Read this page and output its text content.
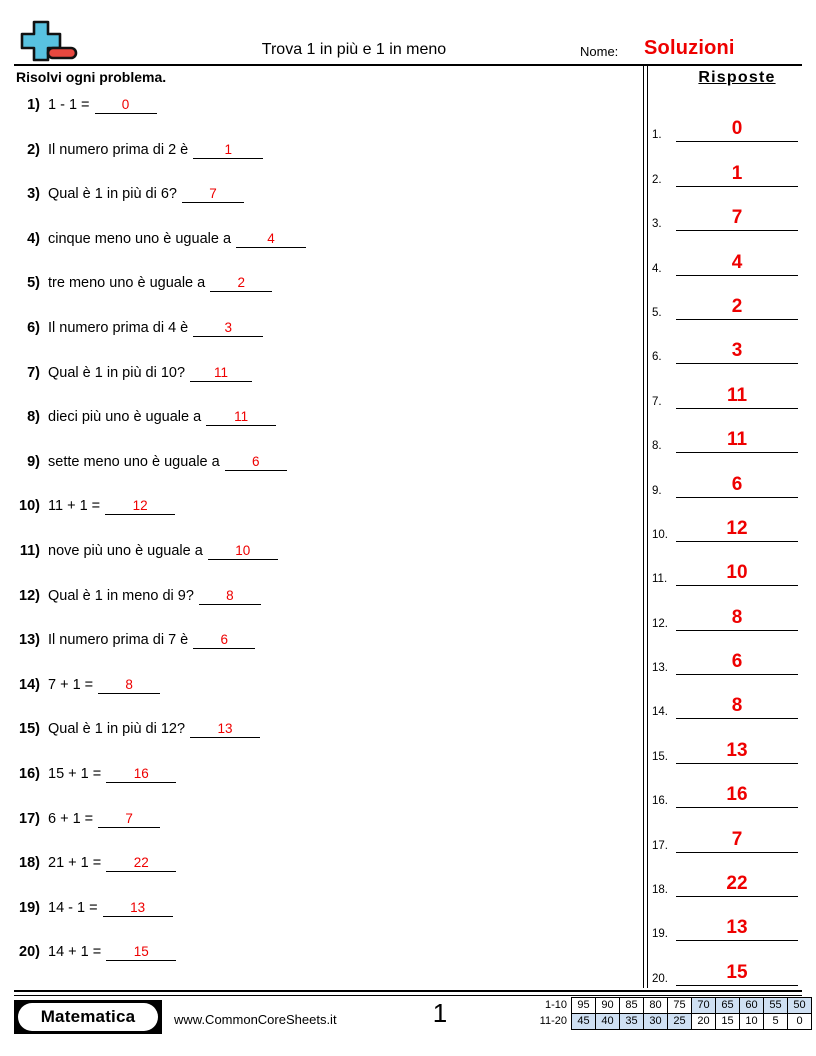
Trova 1 in più e 1 in meno	Nome: Soluzioni
Risolvi ogni problema.	Risposte
1) 1 - 1 = 0
2) Il numero prima di 2 è	1
3) Qual è 1 in più di 6? 7
4) cinque meno uno è uguale a	4
5) tre meno uno è uguale a 2
6) Il numero prima di 4 è	3
7) Qual è 1 in più di 10? 11
8) dieci più uno è uguale a 11
9) sette meno uno è uguale a 6
10) 11 + 1 = 12
11) nove più uno è uguale a 10
12) Qual è 1 in meno di 9? 8
13) Il numero prima di 7 è 6
14) 7 + 1 = 8
15) Qual è 1 in più di 12? 13
16) 15 + 1 = 16
17) 6 + 1 = 7
18) 21 + 1 = 22
19) 14 - 1 = 13
20) 14 + 1 = 15
1.	0
2.	1
3.	7
4.	4
5.	2
6.	3
7.	11
8.	11
9.	6
10.	12
11.	10
12.	8
13.	6
14.	8
15.	13
16.	16
17.	7
18.	22
19.	13
20.	15
Matematica	www.CommonCoreSheets.it	1	1-10	95	90	85	80	75	70	65	60	55	50
11-20	45	40	35	30	25	20	15	10	5	0
